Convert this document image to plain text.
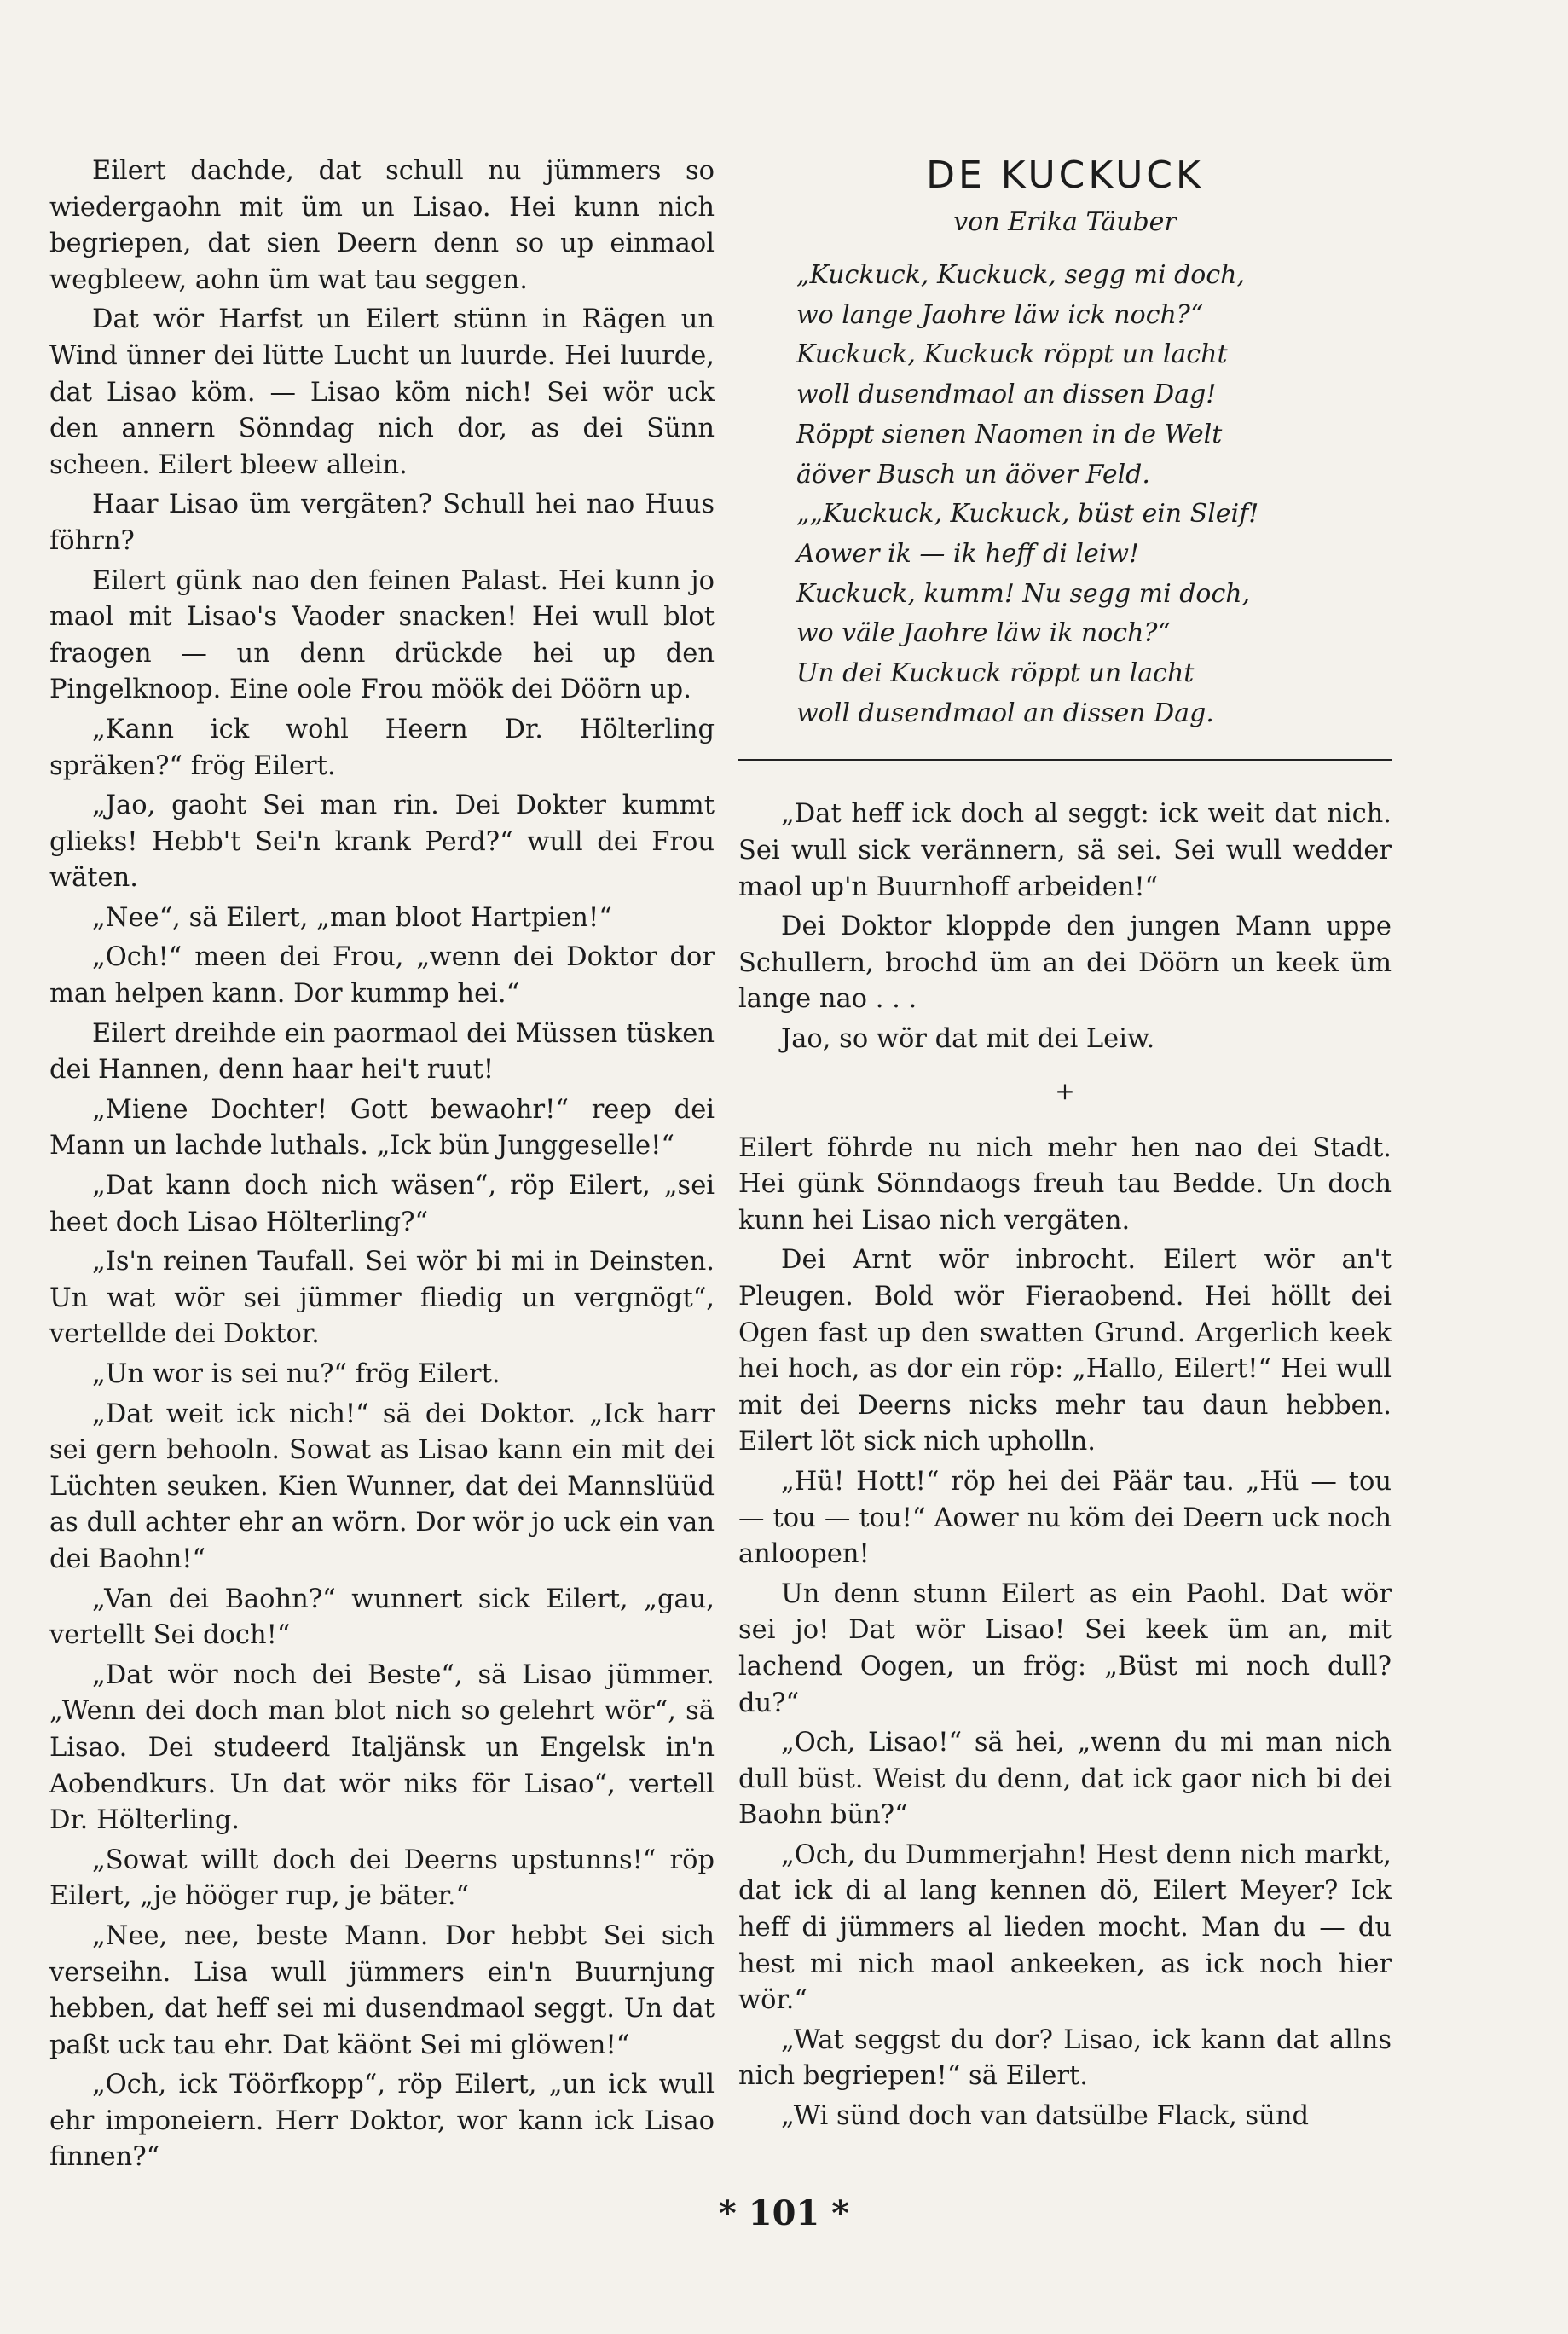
Eilert dachde, dat schull nu jümmers so wiedergaohn mit üm un Lisao. Hei kunn nich begriepen, dat sien Deern denn so up einmaol wegbleew, aohn üm wat tau seggen.

Dat wör Harfst un Eilert stünn in Rägen un Wind ünner dei lütte Lucht un luurde. Hei luurde, dat Lisao köm. — Lisao köm nich! Sei wör uck den annern Sönndag nich dor, as dei Sünn scheen. Eilert bleew allein.

Haar Lisao üm vergäten? Schull hei nao Huus föhrn?

Eilert günk nao den feinen Palast. Hei kunn jo maol mit Lisao's Vaoder snacken! Hei wull blot fraogen — un denn drückde hei up den Pingelknoop. Eine oole Frou möök dei Döörn up.

„Kann ick wohl Heern Dr. Hölterling spräken?“ frög Eilert.

„Jao, gaoht Sei man rin. Dei Dokter kummt glieks! Hebb't Sei'n krank Perd?“ wull dei Frou wäten.

„Nee“, sä Eilert, „man bloot Hartpien!“

„Och!“ meen dei Frou, „wenn dei Doktor dor man helpen kann. Dor kummp hei.“

Eilert dreihde ein paormaol dei Müssen tüsken dei Hannen, denn haar hei't ruut!

„Miene Dochter! Gott bewaohr!“ reep dei Mann un lachde luthals. „Ick bün Junggeselle!“

„Dat kann doch nich wäsen“, röp Eilert, „sei heet doch Lisao Hölterling?“

„Is'n reinen Taufall. Sei wör bi mi in Deinsten. Un wat wör sei jümmer fliedig un vergnögt“, vertellde dei Doktor.

„Un wor is sei nu?“ frög Eilert.

„Dat weit ick nich!“ sä dei Doktor. „Ick harr sei gern behooln. Sowat as Lisao kann ein mit dei Lüchten seuken. Kien Wunner, dat dei Mannslüüd as dull achter ehr an wörn. Dor wör jo uck ein van dei Baohn!“

„Van dei Baohn?“ wunnert sick Eilert, „gau, vertellt Sei doch!“

„Dat wör noch dei Beste“, sä Lisao jümmer. „Wenn dei doch man blot nich so gelehrt wör“, sä Lisao. Dei studeerd Italjänsk un Engelsk in'n Aobendkurs. Un dat wör niks för Lisao“, vertell Dr. Hölterling.

„Sowat willt doch dei Deerns upstunns!“ röp Eilert, „je hööger rup, je bäter.“

„Nee, nee, beste Mann. Dor hebbt Sei sich verseihn. Lisa wull jümmers ein'n Buurnjung hebben, dat heff sei mi dusendmaol seggt. Un dat paßt uck tau ehr. Dat käönt Sei mi glöwen!“

„Och, ick Töörfkopp“, röp Eilert, „un ick wull ehr imponeiern. Herr Doktor, wor kann ick Lisao finnen?“

DE KUCKUCK
von Erika Täuber
„Kuckuck, Kuckuck, segg mi doch,
wo lange Jaohre läw ick noch?“
Kuckuck, Kuckuck röppt un lacht
woll dusendmaol an dissen Dag!
Röppt sienen Naomen in de Welt
äöver Busch un äöver Feld.
„„Kuckuck, Kuckuck, büst ein Sleif!
Aower ik — ik heff di leiw!
Kuckuck, kumm! Nu segg mi doch,
wo väle Jaohre läw ik noch?“
Un dei Kuckuck röppt un lacht
woll dusendmaol an dissen Dag.

„Dat heff ick doch al seggt: ick weit dat nich. Sei wull sick verännern, sä sei. Sei wull wedder maol up'n Buurnhoff arbeiden!“

Dei Doktor kloppde den jungen Mann uppe Schullern, brochd üm an dei Döörn un keek üm lange nao . . .

Jao, so wör dat mit dei Leiw.

+

Eilert föhrde nu nich mehr hen nao dei Stadt. Hei günk Sönndaogs freuh tau Bedde. Un doch kunn hei Lisao nich vergäten.

Dei Arnt wör inbrocht. Eilert wör an't Pleugen. Bold wör Fieraobend. Hei höllt dei Ogen fast up den swatten Grund. Argerlich keek hei hoch, as dor ein röp: „Hallo, Eilert!“ Hei wull mit dei Deerns nicks mehr tau daun hebben. Eilert löt sick nich upholln.

„Hü! Hott!“ röp hei dei Päär tau. „Hü — tou — tou — tou!“ Aower nu köm dei Deern uck noch anloopen!

Un denn stunn Eilert as ein Paohl. Dat wör sei jo! Dat wör Lisao! Sei keek üm an, mit lachend Oogen, un frög: „Büst mi noch dull? du?“

„Och, Lisao!“ sä hei, „wenn du mi man nich dull büst. Weist du denn, dat ick gaor nich bi dei Baohn bün?“

„Och, du Dummerjahn! Hest denn nich markt, dat ick di al lang kennen dö, Eilert Meyer? Ick heff di jümmers al lieden mocht. Man du — du hest mi nich maol ankeeken, as ick noch hier wör.“

„Wat seggst du dor? Lisao, ick kann dat allns nich begriepen!“ sä Eilert.

„Wi sünd doch van datsülbe Flack, sünd

* 101 *
